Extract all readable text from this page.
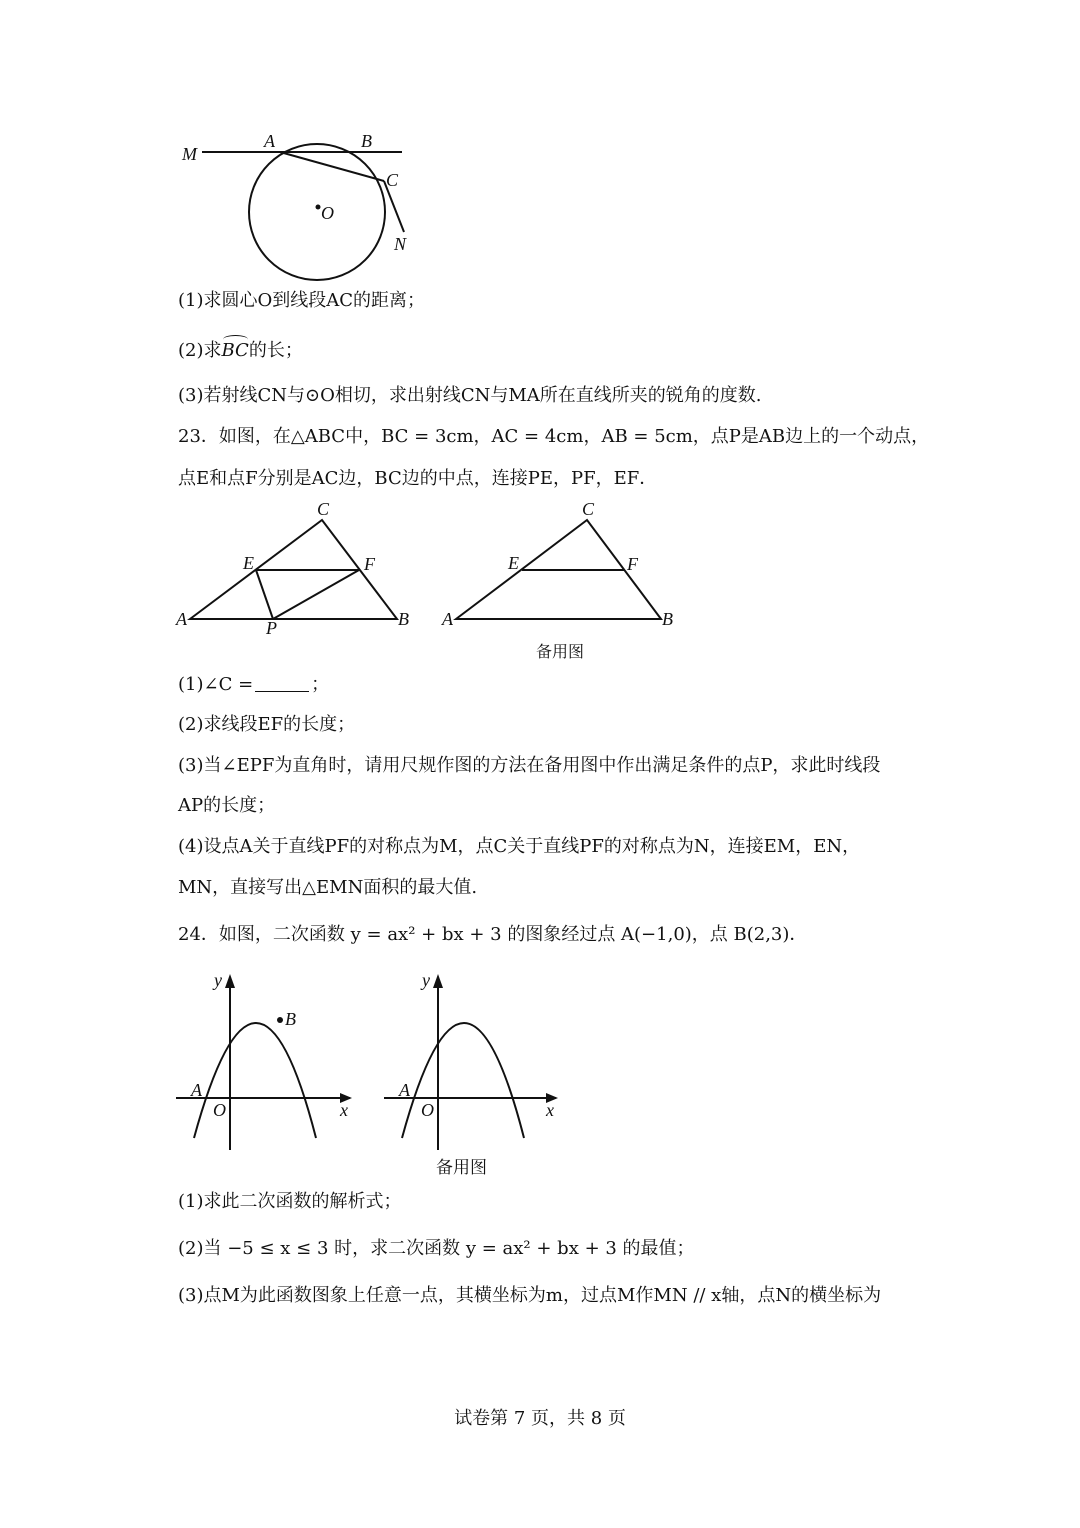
M
A	B
C
O
N
(1)求圆心O到线段AC的距离；
(2)求BC的长；
(3)若射线CN与⊙O相切，求出射线CN与MA所在直线所夹的锐角的度数.
23．如图，在△ABC中，BC = 3cm，AC = 4cm，AB = 5cm，点P是AB边上的一个动点，
点E和点F分别是AC边，BC边的中点，连接PE，PF，EF．
C
E	F
A	B
P
C
E	F
A	B
备用图
(1)∠C =	；
(2)求线段EF的长度；
(3)当∠EPF为直角时，请用尺规作图的方法在备用图中作出满足条件的点P，求此时线段
AP的长度；
(4)设点A关于直线PF的对称点为M，点C关于直线PF的对称点为N，连接EM，EN，
MN，直接写出△EMN面积的最大值.
24．如图，二次函数 y = ax² + bx + 3 的图象经过点 A(−1,0)，点 B(2,3)．
y
B
A
O	x
y
A
O	x
备用图
(1)求此二次函数的解析式；
(2)当 −5 ≤ x ≤ 3 时，求二次函数 y = ax² + bx + 3 的最值；
(3)点M为此函数图象上任意一点，其横坐标为m，过点M作MN // x轴，点N的横坐标为
试卷第 7 页，共 8 页
